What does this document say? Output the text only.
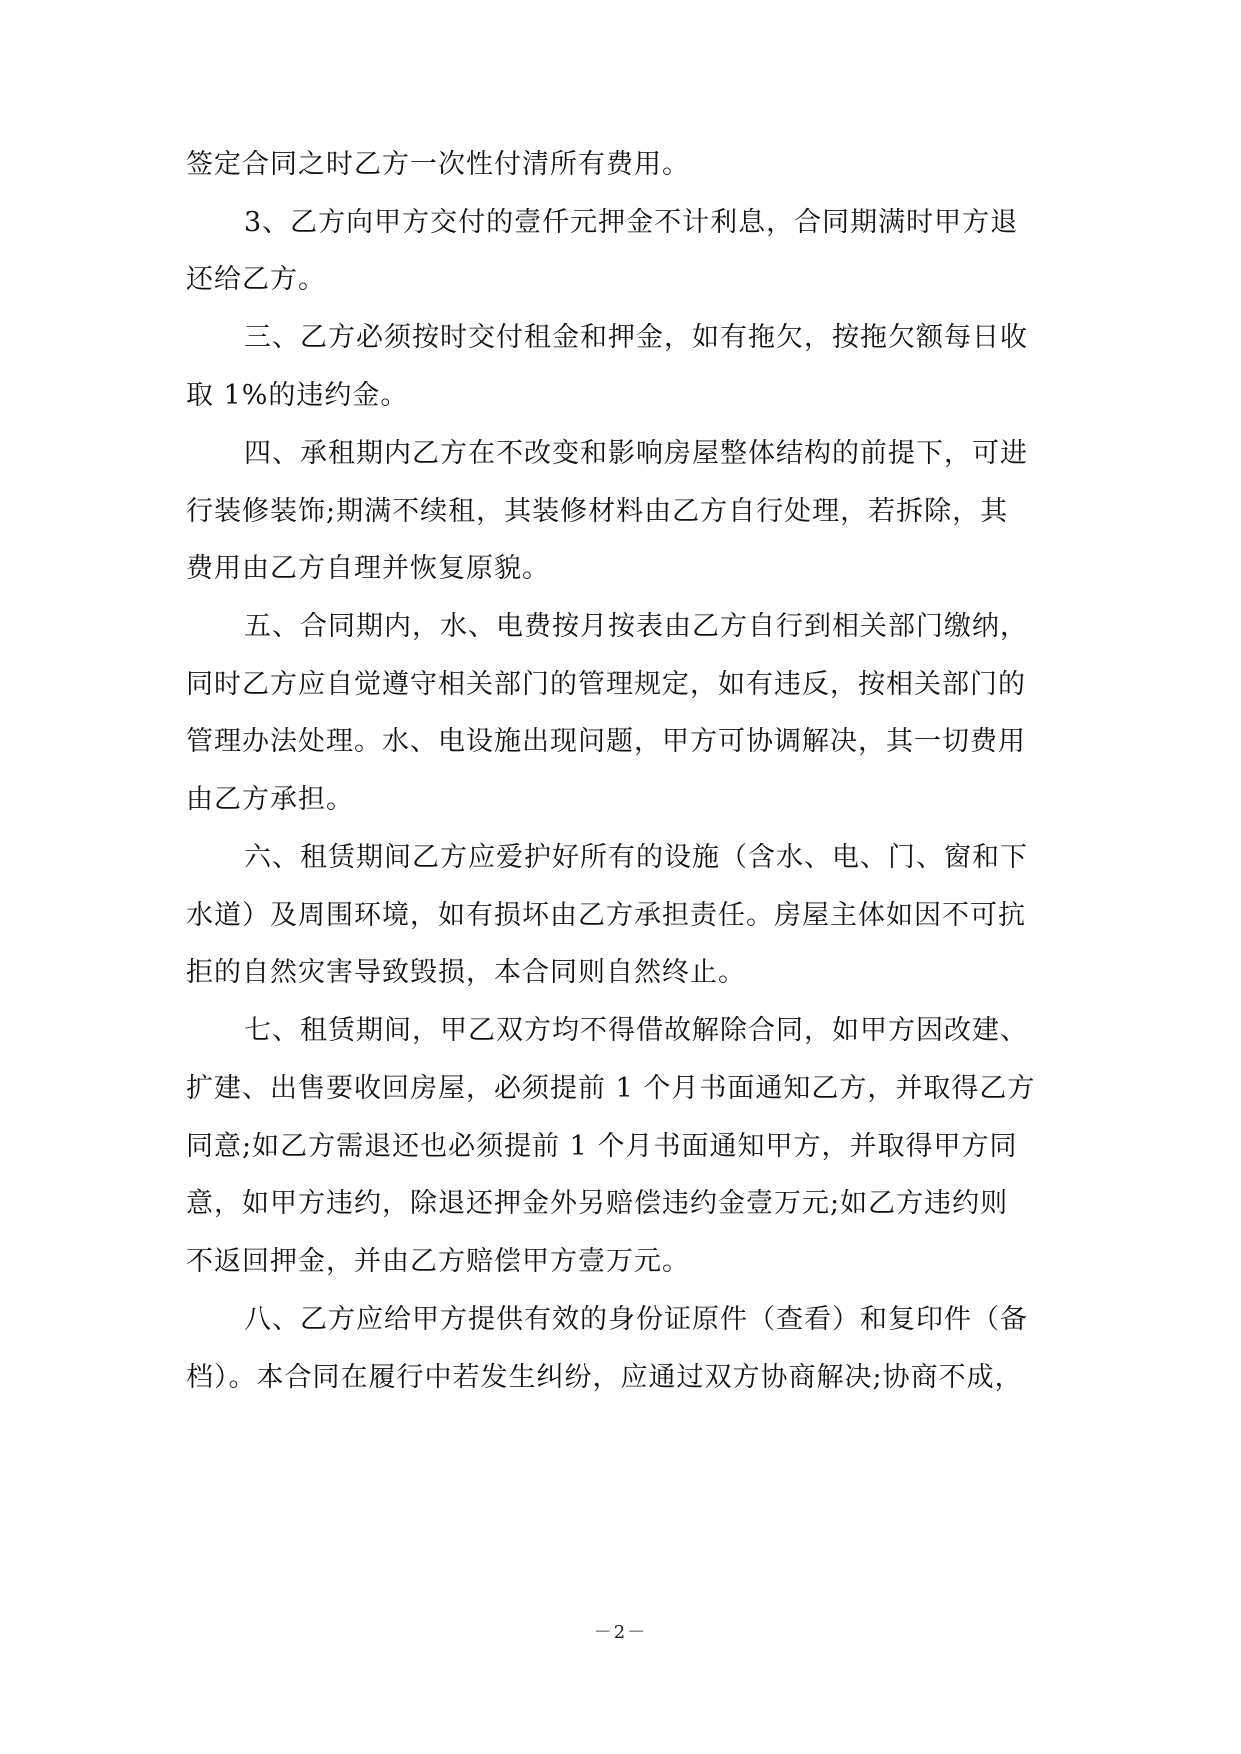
签定合同之时乙方一次性付清所有费用。
3、乙方向甲方交付的壹仟元押金不计利息，合同期满时甲方退
还给乙方。
三、乙方必须按时交付租金和押金，如有拖欠，按拖欠额每日收
取 1%的违约金。
四、承租期内乙方在不改变和影响房屋整体结构的前提下，可进
行装修装饰;期满不续租，其装修材料由乙方自行处理，若拆除，其
费用由乙方自理并恢复原貌。
五、合同期内，水、电费按月按表由乙方自行到相关部门缴纳，
同时乙方应自觉遵守相关部门的管理规定，如有违反，按相关部门的
管理办法处理。水、电设施出现问题，甲方可协调解决，其一切费用
由乙方承担。
六、租赁期间乙方应爱护好所有的设施（含水、电、门、窗和下
水道）及周围环境，如有损坏由乙方承担责任。房屋主体如因不可抗
拒的自然灾害导致毁损，本合同则自然终止。
七、租赁期间，甲乙双方均不得借故解除合同，如甲方因改建、
扩建、出售要收回房屋，必须提前 1 个月书面通知乙方，并取得乙方
同意;如乙方需退还也必须提前 1 个月书面通知甲方，并取得甲方同
意，如甲方违约，除退还押金外另赔偿违约金壹万元;如乙方违约则
不返回押金，并由乙方赔偿甲方壹万元。
八、乙方应给甲方提供有效的身份证原件（查看）和复印件（备
档）。本合同在履行中若发生纠纷，应通过双方协商解决;协商不成，
－2－
